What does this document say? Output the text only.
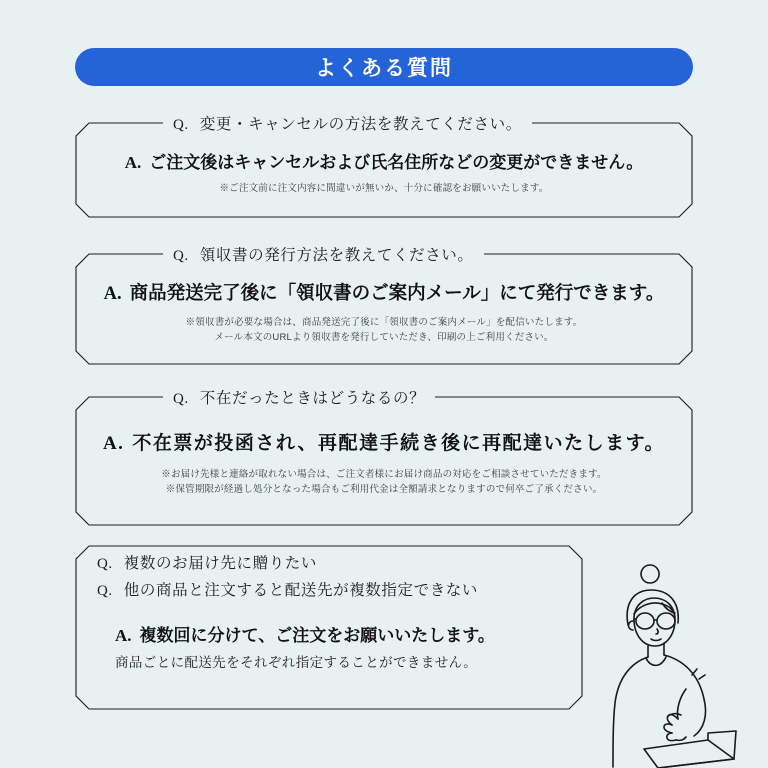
よくある質問
Q. 変更・キャンセルの方法を教えてください。
A. ご注文後はキャンセルおよび氏名住所などの変更ができません。
※ご注文前に注文内容に間違いが無いか、十分に確認をお願いいたします。
Q. 領収書の発行方法を教えてください。
A. 商品発送完了後に「領収書のご案内メール」にて発行できます。
※領収書が必要な場合は、商品発送完了後に「領収書のご案内メール」を配信いたします。
メール本文のURLより領収書を発行していただき、印刷の上ご利用ください。
Q. 不在だったときはどうなるの？
A. 不在票が投函され、再配達手続き後に再配達いたします。
※お届け先様と連絡が取れない場合は、ご注文者様にお届け商品の対応をご相談させていただきます。
※保管期限が経過し処分となった場合もご利用代金は全額請求となりますので何卒ご了承ください。
Q. 複数のお届け先に贈りたい
Q. 他の商品と注文すると配送先が複数指定できない
A. 複数回に分けて、ご注文をお願いいたします。
商品ごとに配送先をそれぞれ指定することができません。
